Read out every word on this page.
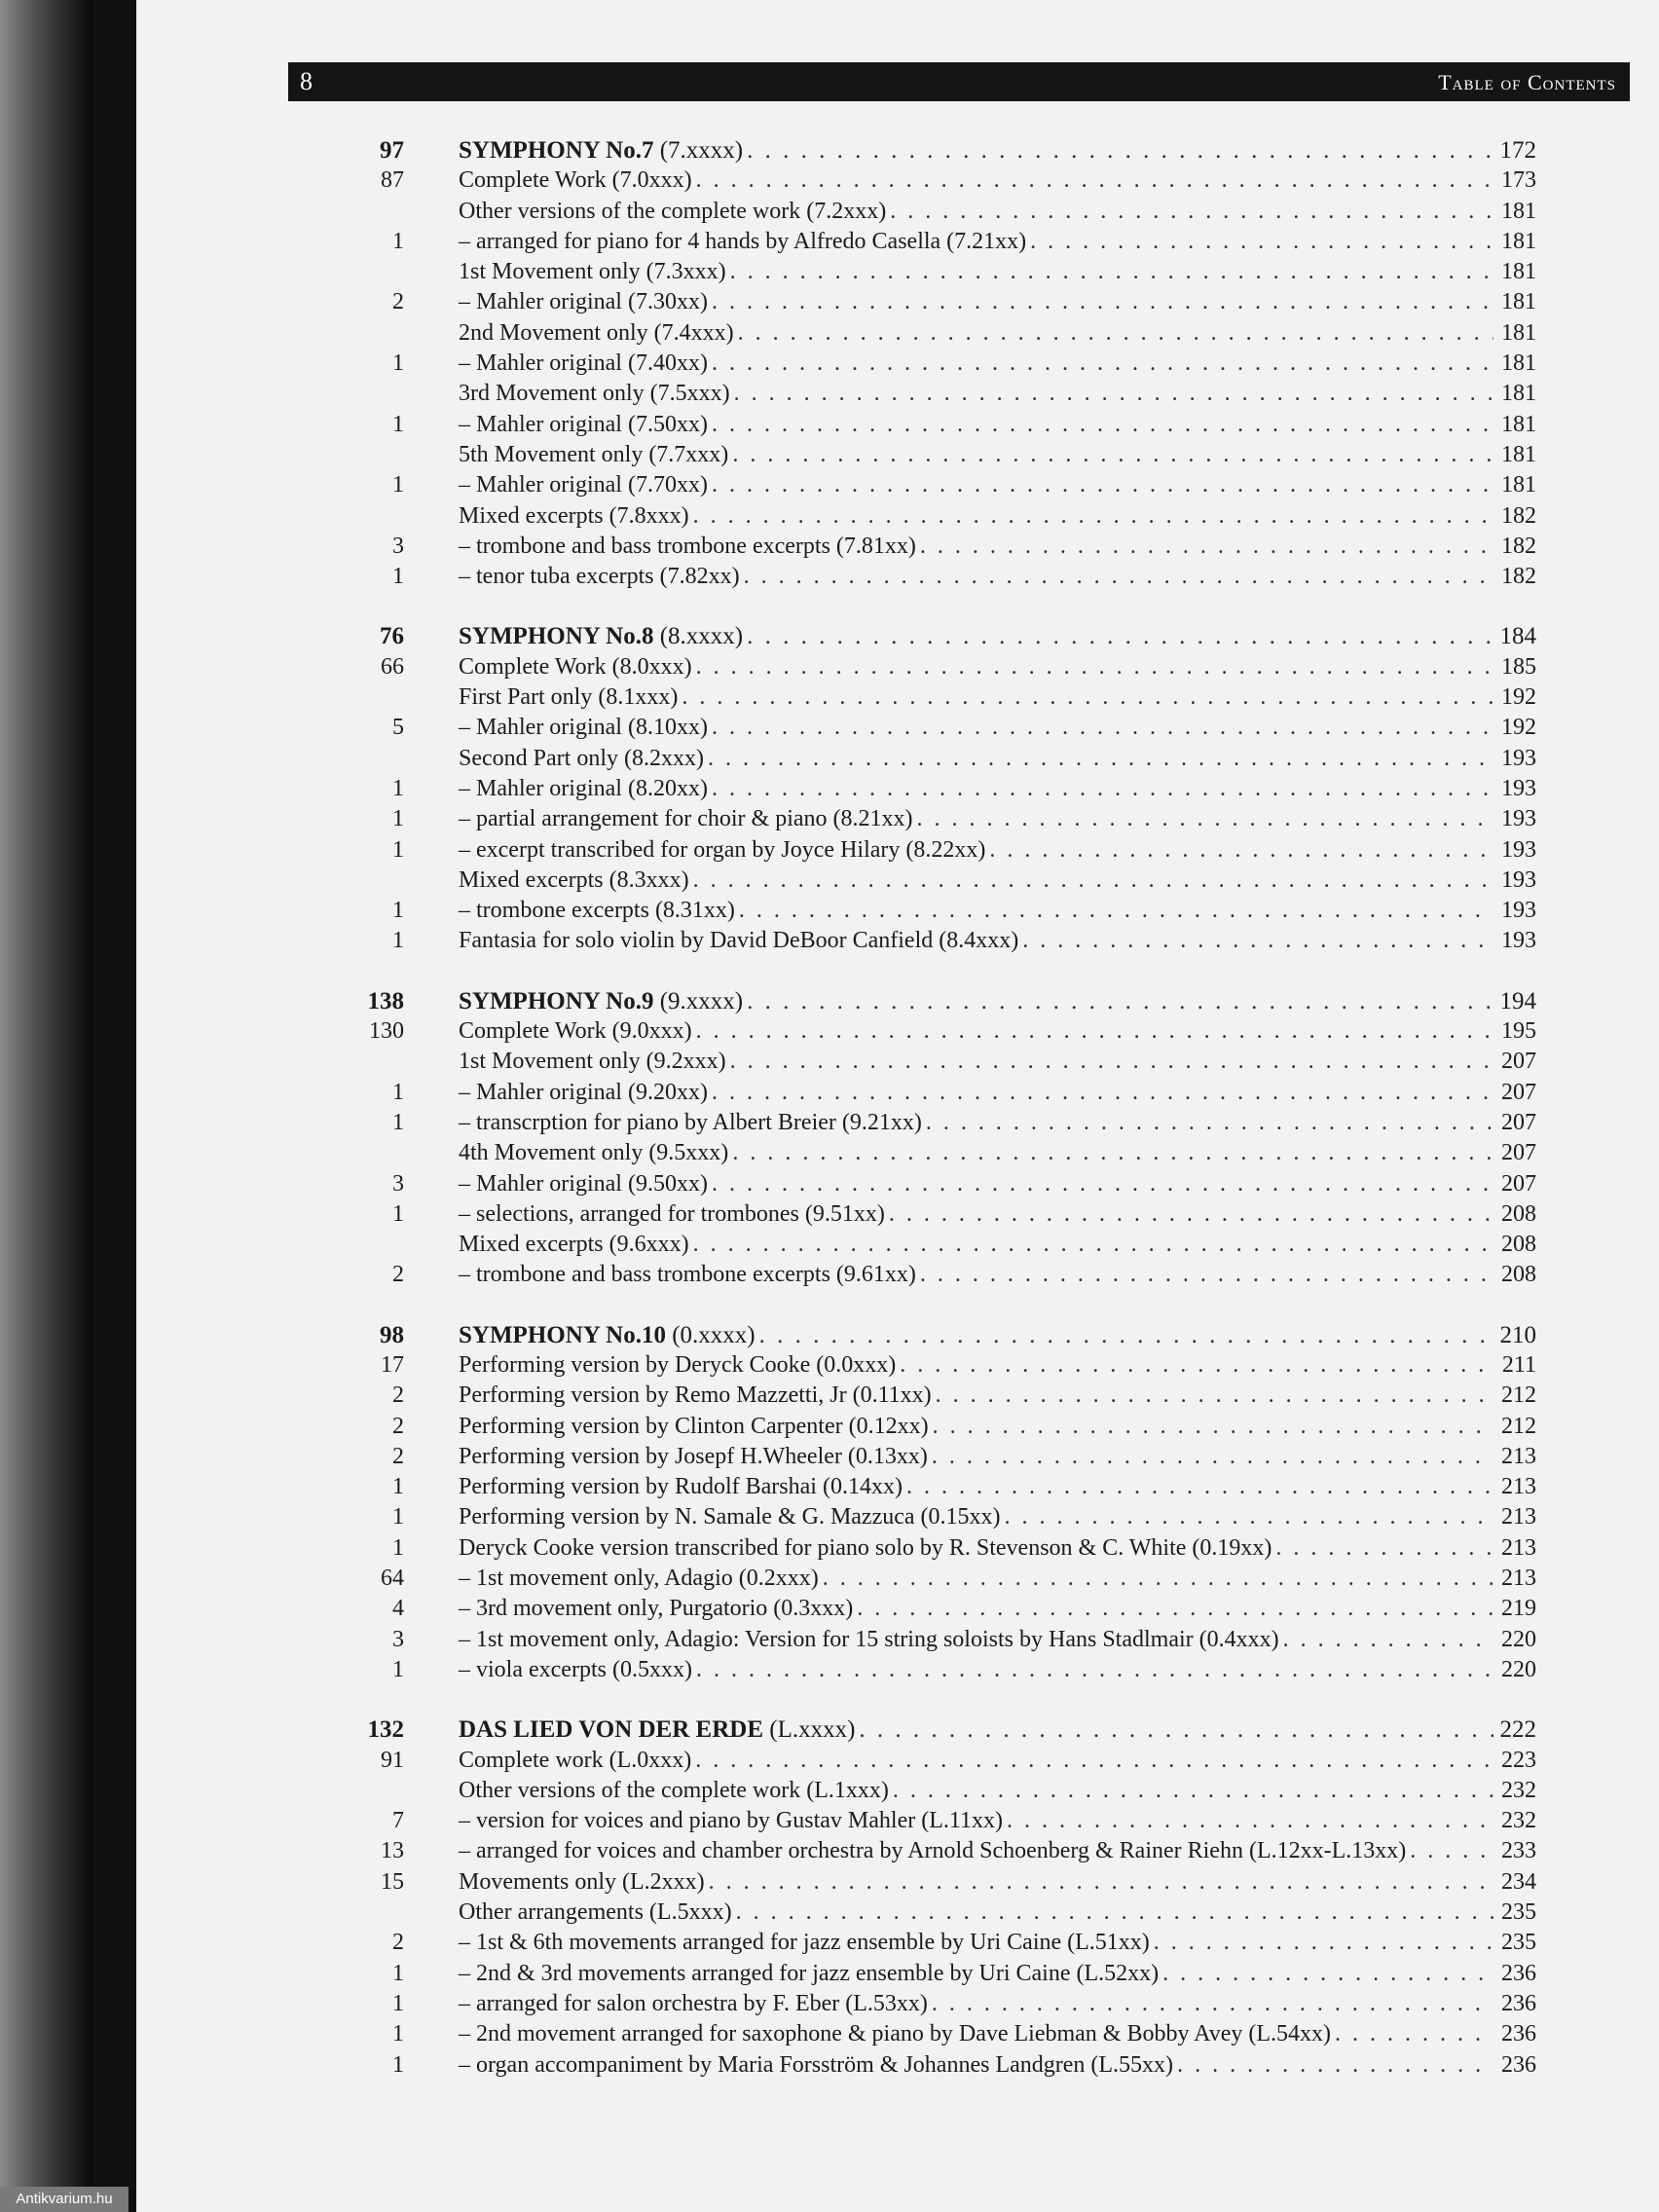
8	Table of Contents
97 SYMPHONY No.7 (7.xxxx) . . .	172
87 Complete Work (7.0xxx) . . .	173
Other versions of the complete work (7.2xxx) . . .	181
1 – arranged for piano for 4 hands by Alfredo Casella (7.21xx) . . .	181
1st Movement only (7.3xxx) . . .	181
2 – Mahler original (7.30xx) . . .	181
2nd Movement only (7.4xxx) . . .	181
1 – Mahler original (7.40xx) . . .	181
3rd Movement only (7.5xxx) . . .	181
1 – Mahler original (7.50xx) . . .	181
5th Movement only (7.7xxx) . . .	181
1 – Mahler original (7.70xx) . . .	181
Mixed excerpts (7.8xxx) . . .	182
3 – trombone and bass trombone excerpts (7.81xx) . . .	182
1 – tenor tuba excerpts (7.82xx) . . .	182
76 SYMPHONY No.8 (8.xxxx) . . .	184
66 Complete Work (8.0xxx) . . .	185
First Part only (8.1xxx) . . .	192
5 – Mahler original (8.10xx) . . .	192
Second Part only (8.2xxx) . . .	193
1 – Mahler original (8.20xx) . . .	193
1 – partial arrangement for choir & piano (8.21xx) . . .	193
1 – excerpt transcribed for organ by Joyce Hilary (8.22xx) . . .	193
Mixed excerpts (8.3xxx) . . .	193
1 – trombone excerpts (8.31xx) . . .	193
1 Fantasia for solo violin by David DeBoor Canfield (8.4xxx) . . .	193
138 SYMPHONY No.9 (9.xxxx) . . .	194
130 Complete Work (9.0xxx) . . .	195
1st Movement only (9.2xxx) . . .	207
1 – Mahler original (9.20xx) . . .	207
1 – transcrption for piano by Albert Breier (9.21xx) . . .	207
4th Movement only (9.5xxx) . . .	207
3 – Mahler original (9.50xx) . . .	207
1 – selections, arranged for trombones (9.51xx) . . .	208
Mixed excerpts (9.6xxx) . . .	208
2 – trombone and bass trombone excerpts (9.61xx) . . .	208
98 SYMPHONY No.10 (0.xxxx) . . .	210
17 Performing version by Deryck Cooke (0.0xxx) . . .	211
2 Performing version by Remo Mazzetti, Jr (0.11xx) . . .	212
2 Performing version by Clinton Carpenter (0.12xx) . . .	212
2 Performing version by Josepf H.Wheeler (0.13xx) . . .	213
1 Performing version by Rudolf Barshai (0.14xx) . . .	213
1 Performing version by N. Samale & G. Mazzuca (0.15xx) . . .	213
1 Deryck Cooke version transcribed for piano solo by R. Stevenson & C. White (0.19xx) . . .	213
64 – 1st movement only, Adagio (0.2xxx) . . .	213
4 – 3rd movement only, Purgatorio (0.3xxx) . . .	219
3 – 1st movement only, Adagio: Version for 15 string soloists by Hans Stadlmair (0.4xxx) . . .	220
1 – viola excerpts (0.5xxx) . . .	220
132 DAS LIED VON DER ERDE (L.xxxx) . . .	222
91 Complete work (L.0xxx) . . .	223
Other versions of the complete work (L.1xxx) . . .	232
7 – version for voices and piano by Gustav Mahler (L.11xx) . . .	232
13 – arranged for voices and chamber orchestra by Arnold Schoenberg & Rainer Riehn (L.12xx-L.13xx) . . .	233
15 Movements only (L.2xxx) . . .	234
Other arrangements (L.5xxx) . . .	235
2 – 1st & 6th movements arranged for jazz ensemble by Uri Caine (L.51xx) . . .	235
1 – 2nd & 3rd movements arranged for jazz ensemble by Uri Caine (L.52xx) . . .	236
1 – arranged for salon orchestra by F. Eber (L.53xx) . . .	236
1 – 2nd movement arranged for saxophone & piano by Dave Liebman & Bobby Avey (L.54xx) . . .	236
1 – organ accompaniment by Maria Forsström & Johannes Landgren (L.55xx) . . .	236
Antikvarium.hu
